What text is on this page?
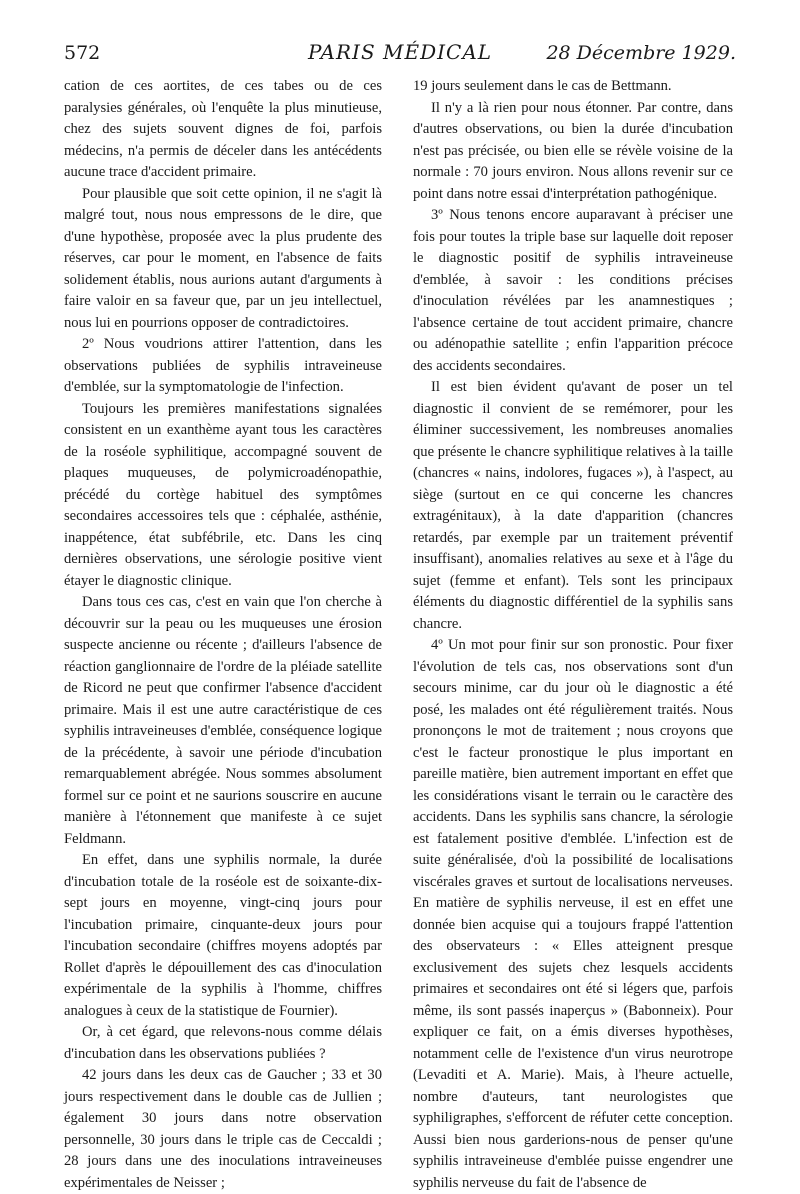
572	PARIS MÉDICAL	28 Décembre 1929.

cation de ces aortites, de ces tabes ou de ces paralysies générales, où l'enquête la plus minutieuse, chez des sujets souvent dignes de foi, parfois médecins, n'a permis de déceler dans les antécédents aucune trace d'accident primaire.

Pour plausible que soit cette opinion, il ne s'agit là malgré tout, nous nous empressons de le dire, que d'une hypothèse, proposée avec la plus prudente des réserves, car pour le moment, en l'absence de faits solidement établis, nous aurions autant d'arguments à faire valoir en sa faveur que, par un jeu intellectuel, nous lui en pourrions opposer de contradictoires.

2º Nous voudrions attirer l'attention, dans les observations publiées de syphilis intraveineuse d'emblée, sur la symptomatologie de l'infection.

Toujours les premières manifestations signalées consistent en un exanthème ayant tous les caractères de la roséole syphilitique, accompagné souvent de plaques muqueuses, de polymicroadénopathie, précédé du cortège habituel des symptômes secondaires accessoires tels que : céphalée, asthénie, inappétence, état subfébrile, etc. Dans les cinq dernières observations, une sérologie positive vient étayer le diagnostic clinique.

Dans tous ces cas, c'est en vain que l'on cherche à découvrir sur la peau ou les muqueuses une érosion suspecte ancienne ou récente ; d'ailleurs l'absence de réaction ganglionnaire de l'ordre de la pléiade satellite de Ricord ne peut que confirmer l'absence d'accident primaire. Mais il est une autre caractéristique de ces syphilis intraveineuses d'emblée, conséquence logique de la précédente, à savoir une période d'incubation remarquablement abrégée. Nous sommes absolument formel sur ce point et ne saurions souscrire en aucune manière à l'étonnement que manifeste à ce sujet Feldmann.

En effet, dans une syphilis normale, la durée d'incubation totale de la roséole est de soixante-dix-sept jours en moyenne, vingt-cinq jours pour l'incubation primaire, cinquante-deux jours pour l'incubation secondaire (chiffres moyens adoptés par Rollet d'après le dépouillement des cas d'inoculation expérimentale de la syphilis à l'homme, chiffres analogues à ceux de la statistique de Fournier).

Or, à cet égard, que relevons-nous comme délais d'incubation dans les observations publiées ?

42 jours dans les deux cas de Gaucher ; 33 et 30 jours respectivement dans le double cas de Jullien ; également 30 jours dans notre observation personnelle, 30 jours dans le triple cas de Ceccaldi ; 28 jours dans une des inoculations intraveineuses expérimentales de Neisser ;

19 jours seulement dans le cas de Bettmann.

Il n'y a là rien pour nous étonner. Par contre, dans d'autres observations, ou bien la durée d'incubation n'est pas précisée, ou bien elle se révèle voisine de la normale : 70 jours environ. Nous allons revenir sur ce point dans notre essai d'interprétation pathogénique.

3º Nous tenons encore auparavant à préciser une fois pour toutes la triple base sur laquelle doit reposer le diagnostic positif de syphilis intraveineuse d'emblée, à savoir : les conditions précises d'inoculation révélées par les anamnestiques ; l'absence certaine de tout accident primaire, chancre ou adénopathie satellite ; enfin l'apparition précoce des accidents secondaires.

Il est bien évident qu'avant de poser un tel diagnostic il convient de se remémorer, pour les éliminer successivement, les nombreuses anomalies que présente le chancre syphilitique relatives à la taille (chancres « nains, indolores, fugaces »), à l'aspect, au siège (surtout en ce qui concerne les chancres extragénitaux), à la date d'apparition (chancres retardés, par exemple par un traitement préventif insuffisant), anomalies relatives au sexe et à l'âge du sujet (femme et enfant). Tels sont les principaux éléments du diagnostic différentiel de la syphilis sans chancre.

4º Un mot pour finir sur son pronostic. Pour fixer l'évolution de tels cas, nos observations sont d'un secours minime, car du jour où le diagnostic a été posé, les malades ont été régulièrement traités. Nous prononçons le mot de traitement ; nous croyons que c'est le facteur pronostique le plus important en pareille matière, bien autrement important en effet que les considérations visant le terrain ou le caractère des accidents. Dans les syphilis sans chancre, la sérologie est fatalement positive d'emblée. L'infection est de suite généralisée, d'où la possibilité de localisations viscérales graves et surtout de localisations nerveuses. En matière de syphilis nerveuse, il est en effet une donnée bien acquise qui a toujours frappé l'attention des observateurs : « Elles atteignent presque exclusivement des sujets chez lesquels accidents primaires et secondaires ont été si légers que, parfois même, ils sont passés inaperçus » (Babonneix). Pour expliquer ce fait, on a émis diverses hypothèses, notamment celle de l'existence d'un virus neurotrope (Levaditi et A. Marie). Mais, à l'heure actuelle, nombre d'auteurs, tant neurologistes que syphiligraphes, s'efforcent de réfuter cette conception. Aussi bien nous garderions-nous de penser qu'une syphilis intraveineuse d'emblée puisse engendrer une syphilis nerveuse du fait de l'absence de
